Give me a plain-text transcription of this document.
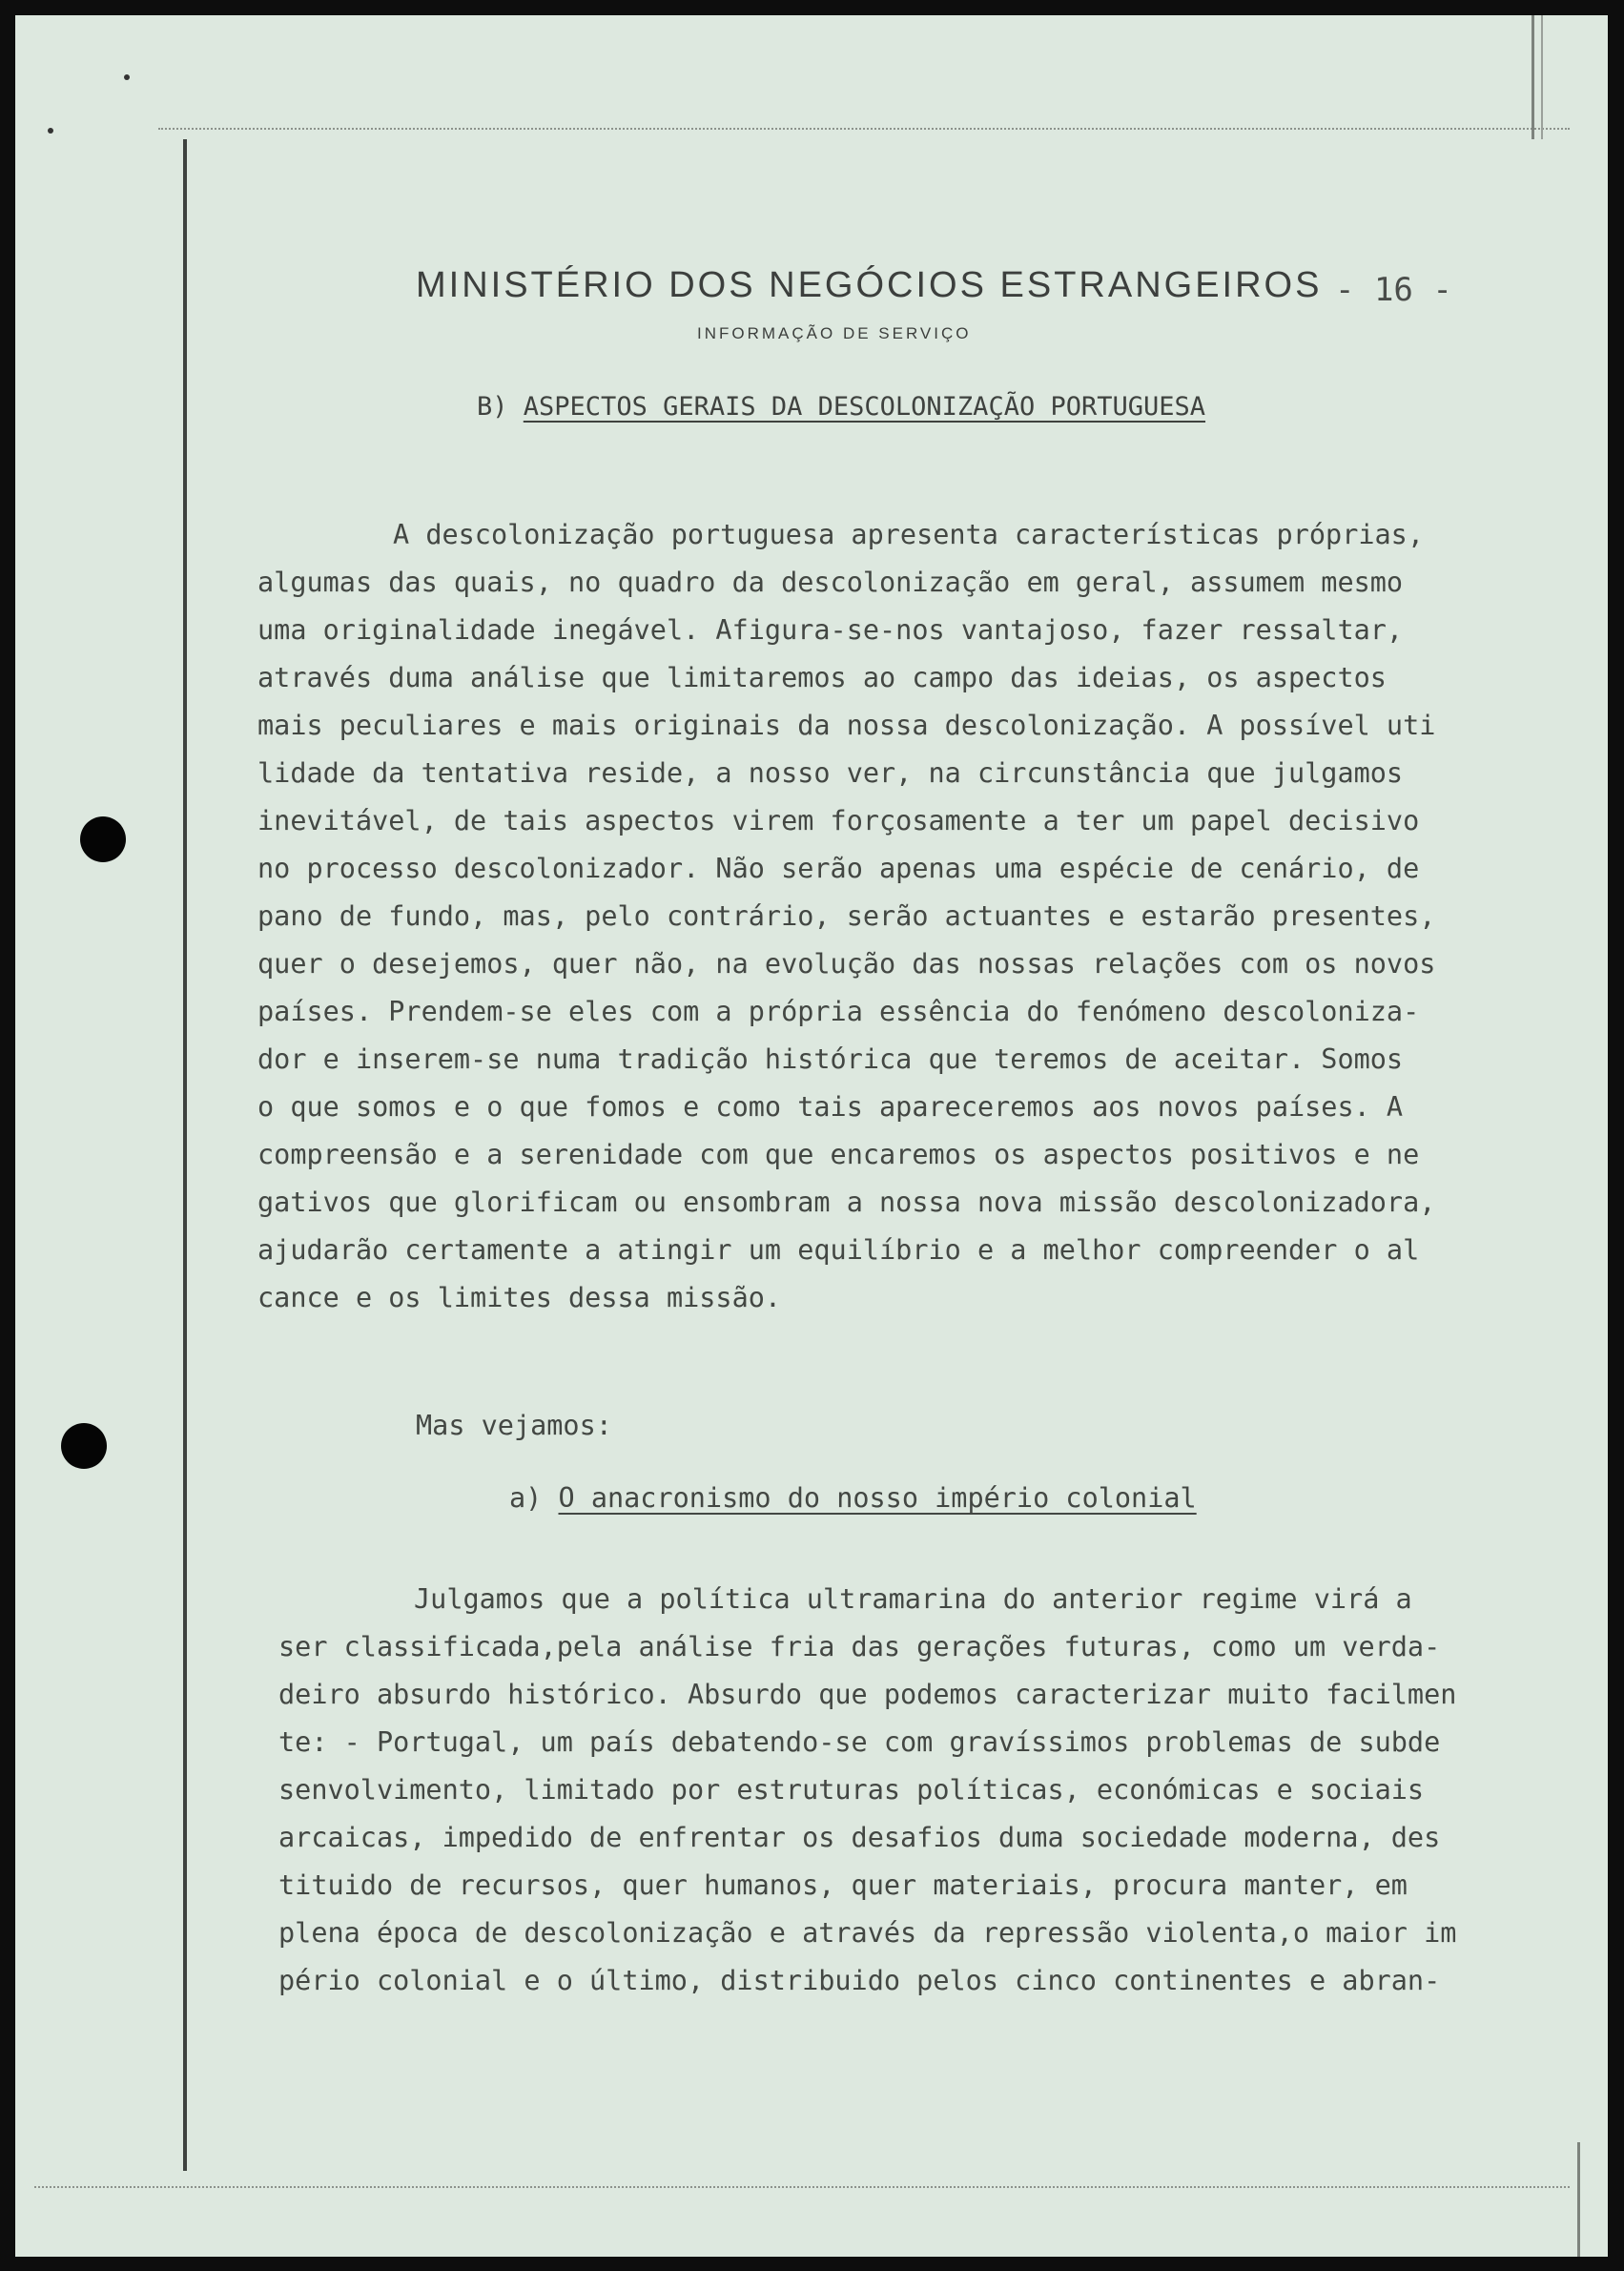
MINISTÉRIO DOS NEGÓCIOS ESTRANGEIROS - 16 -
INFORMAÇÃO DE SERVIÇO
B) ASPECTOS GERAIS DA DESCOLONIZAÇÃO PORTUGUESA
A descolonização portuguesa apresenta características próprias,
algumas das quais, no quadro da descolonização em geral, assumem mesmo
uma originalidade inegável. Afigura-se-nos vantajoso, fazer ressaltar,
através duma análise que limitaremos ao campo das ideias, os aspectos
mais peculiares e mais originais da nossa descolonização. A possível uti
lidade da tentativa reside, a nosso ver, na circunstância que julgamos
inevitável, de tais aspectos virem forçosamente a ter um papel decisivo
no processo descolonizador. Não serão apenas uma espécie de cenário, de
pano de fundo, mas, pelo contrário, serão actuantes e estarão presentes,
quer o desejemos, quer não, na evolução das nossas relações com os novos
países. Prendem-se eles com a própria essência do fenómeno descoloniza-
dor e inserem-se numa tradição histórica que teremos de aceitar. Somos
o que somos e o que fomos e como tais apareceremos aos novos países. A
compreensão e a serenidade com que encaremos os aspectos positivos e ne
gativos que glorificam ou ensombram a nossa nova missão descolonizadora,
ajudarão certamente a atingir um equilíbrio e a melhor compreender o al
cance e os limites dessa missão.
Mas vejamos:
a) O anacronismo do nosso império colonial
Julgamos que a política ultramarina do anterior regime virá a
ser classificada,pela análise fria das gerações futuras, como um verda-
deiro absurdo histórico. Absurdo que podemos caracterizar muito facilmen
te: - Portugal, um país debatendo-se com gravíssimos problemas de subde
senvolvimento, limitado por estruturas políticas, económicas e sociais
arcaicas, impedido de enfrentar os desafios duma sociedade moderna, des
tituido de recursos, quer humanos, quer materiais, procura manter, em
plena época de descolonização e através da repressão violenta,o maior im
pério colonial e o último, distribuido pelos cinco continentes e abran-
